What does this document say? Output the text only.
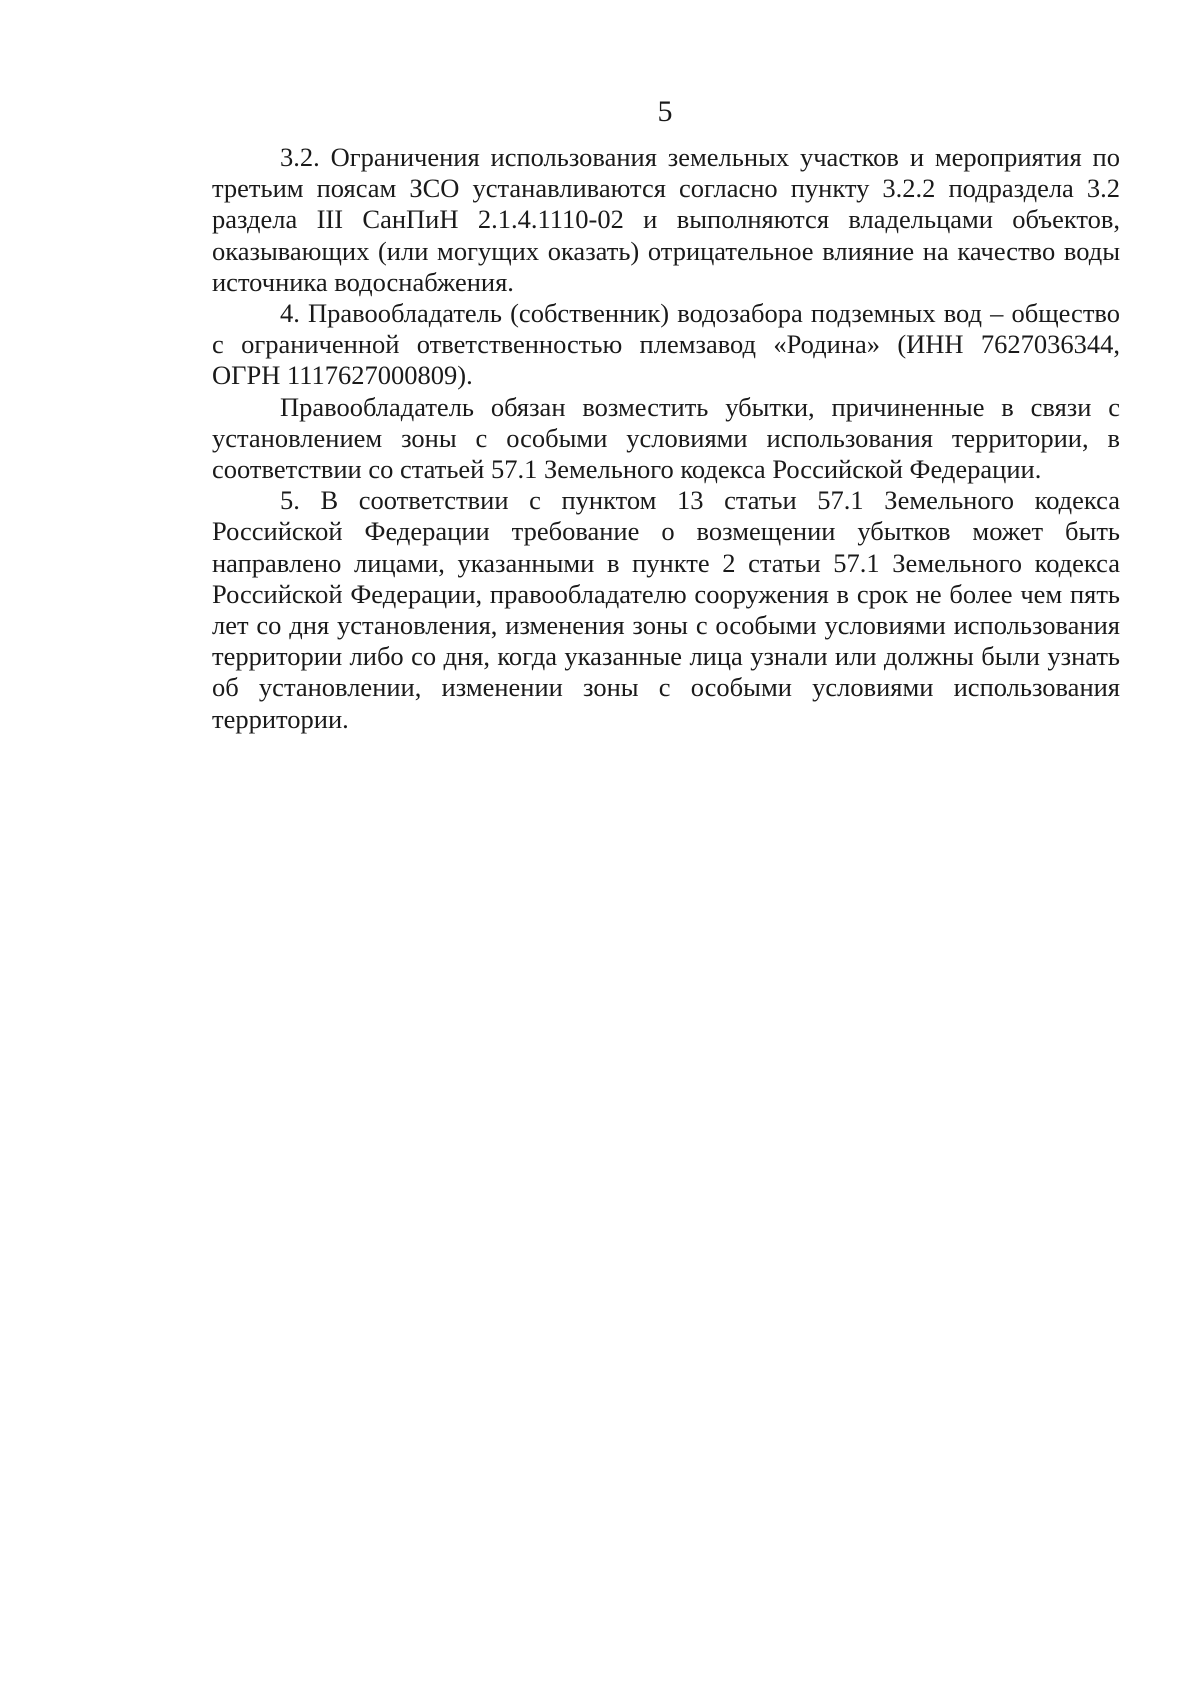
5

3.2. Ограничения использования земельных участков и мероприятия по третьим поясам ЗСО устанавливаются согласно пункту 3.2.2 подраздела 3.2 раздела III СанПиН 2.1.4.1110-02 и выполняются владельцами объектов, оказывающих (или могущих оказать) отрицательное влияние на качество воды источника водоснабжения.

4. Правообладатель (собственник) водозабора подземных вод – общество с ограниченной ответственностью племзавод «Родина» (ИНН 7627036344, ОГРН 1117627000809).

Правообладатель обязан возместить убытки, причиненные в связи с установлением зоны с особыми условиями использования территории, в соответствии со статьей 57.1 Земельного кодекса Российской Федерации.

5. В соответствии с пунктом 13 статьи 57.1 Земельного кодекса Российской Федерации требование о возмещении убытков может быть направлено лицами, указанными в пункте 2 статьи 57.1 Земельного кодекса Российской Федерации, правообладателю сооружения в срок не более чем пять лет со дня установления, изменения зоны с особыми условиями использования территории либо со дня, когда указанные лица узнали или должны были узнать об установлении, изменении зоны с особыми условиями использования территории.
